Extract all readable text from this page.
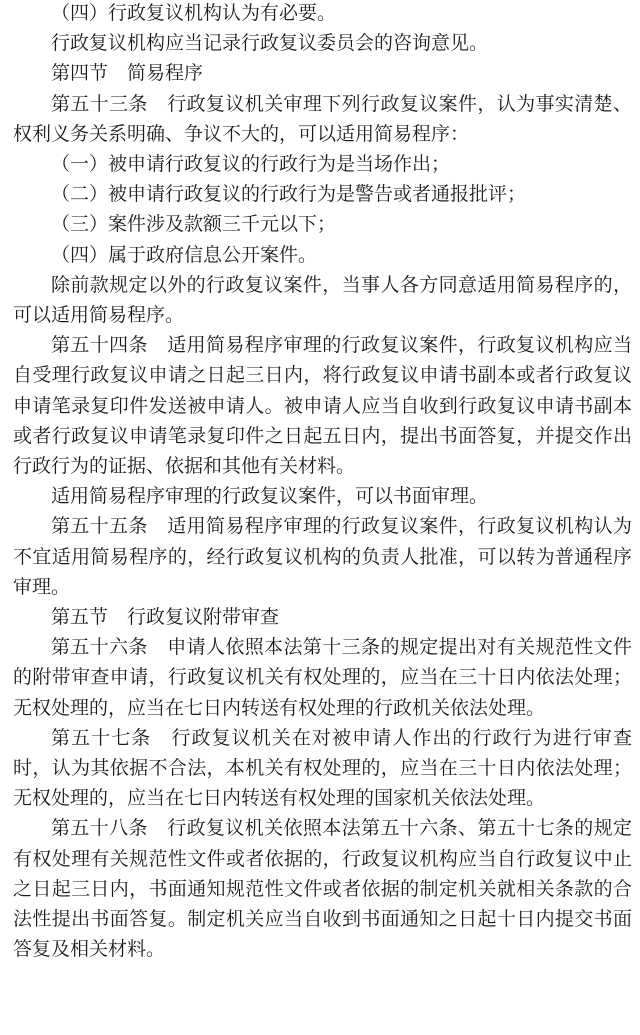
（四）行政复议机构认为有必要。

行政复议机构应当记录行政复议委员会的咨询意见。

第四节　简易程序

第五十三条　行政复议机关审理下列行政复议案件，认为事实清楚、权利义务关系明确、争议不大的，可以适用简易程序：

（一）被申请行政复议的行政行为是当场作出；

（二）被申请行政复议的行政行为是警告或者通报批评；

（三）案件涉及款额三千元以下；

（四）属于政府信息公开案件。

除前款规定以外的行政复议案件，当事人各方同意适用简易程序的，可以适用简易程序。

第五十四条　适用简易程序审理的行政复议案件，行政复议机构应当自受理行政复议申请之日起三日内，将行政复议申请书副本或者行政复议申请笔录复印件发送被申请人。被申请人应当自收到行政复议申请书副本或者行政复议申请笔录复印件之日起五日内，提出书面答复，并提交作出行政行为的证据、依据和其他有关材料。

适用简易程序审理的行政复议案件，可以书面审理。

第五十五条　适用简易程序审理的行政复议案件，行政复议机构认为不宜适用简易程序的，经行政复议机构的负责人批准，可以转为普通程序审理。

第五节　行政复议附带审查

第五十六条　申请人依照本法第十三条的规定提出对有关规范性文件的附带审查申请，行政复议机关有权处理的，应当在三十日内依法处理；无权处理的，应当在七日内转送有权处理的行政机关依法处理。

第五十七条　行政复议机关在对被申请人作出的行政行为进行审查时，认为其依据不合法，本机关有权处理的，应当在三十日内依法处理；无权处理的，应当在七日内转送有权处理的国家机关依法处理。

第五十八条　行政复议机关依照本法第五十六条、第五十七条的规定有权处理有关规范性文件或者依据的，行政复议机构应当自行政复议中止之日起三日内，书面通知规范性文件或者依据的制定机关就相关条款的合法性提出书面答复。制定机关应当自收到书面通知之日起十日内提交书面答复及相关材料。
